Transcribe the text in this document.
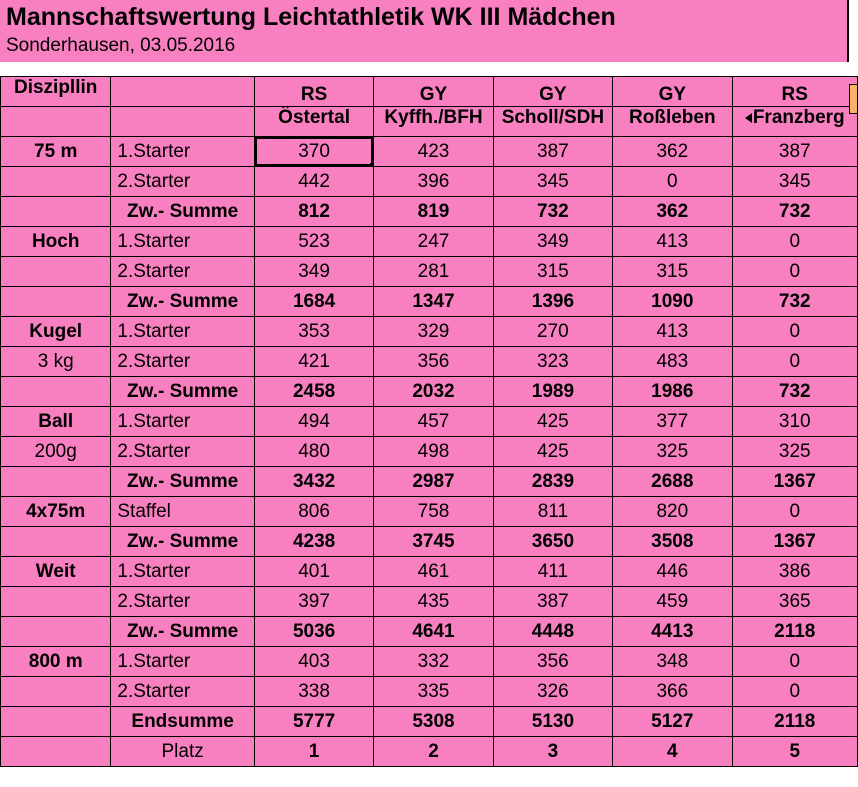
Mannschaftswertung Leichtathletik WK III Mädchen
Sonderhausen, 03.05.2016
Diszipllin		RS	GY	GY	GY	RS
		Östertal	Kyffh./BFH	Scholl/SDH	Roßleben	Franzberg
75 m	1.Starter	370	423	387	362	387
	2.Starter	442	396	345	0	345
	Zw.- Summe	812	819	732	362	732
Hoch	1.Starter	523	247	349	413	0
	2.Starter	349	281	315	315	0
	Zw.- Summe	1684	1347	1396	1090	732
Kugel	1.Starter	353	329	270	413	0
3 kg	2.Starter	421	356	323	483	0
	Zw.- Summe	2458	2032	1989	1986	732
Ball	1.Starter	494	457	425	377	310
200g	2.Starter	480	498	425	325	325
	Zw.- Summe	3432	2987	2839	2688	1367
4x75m	Staffel	806	758	811	820	0
	Zw.- Summe	4238	3745	3650	3508	1367
Weit	1.Starter	401	461	411	446	386
	2.Starter	397	435	387	459	365
	Zw.- Summe	5036	4641	4448	4413	2118
800 m	1.Starter	403	332	356	348	0
	2.Starter	338	335	326	366	0
	Endsumme	5777	5308	5130	5127	2118
	Platz	1	2	3	4	5
